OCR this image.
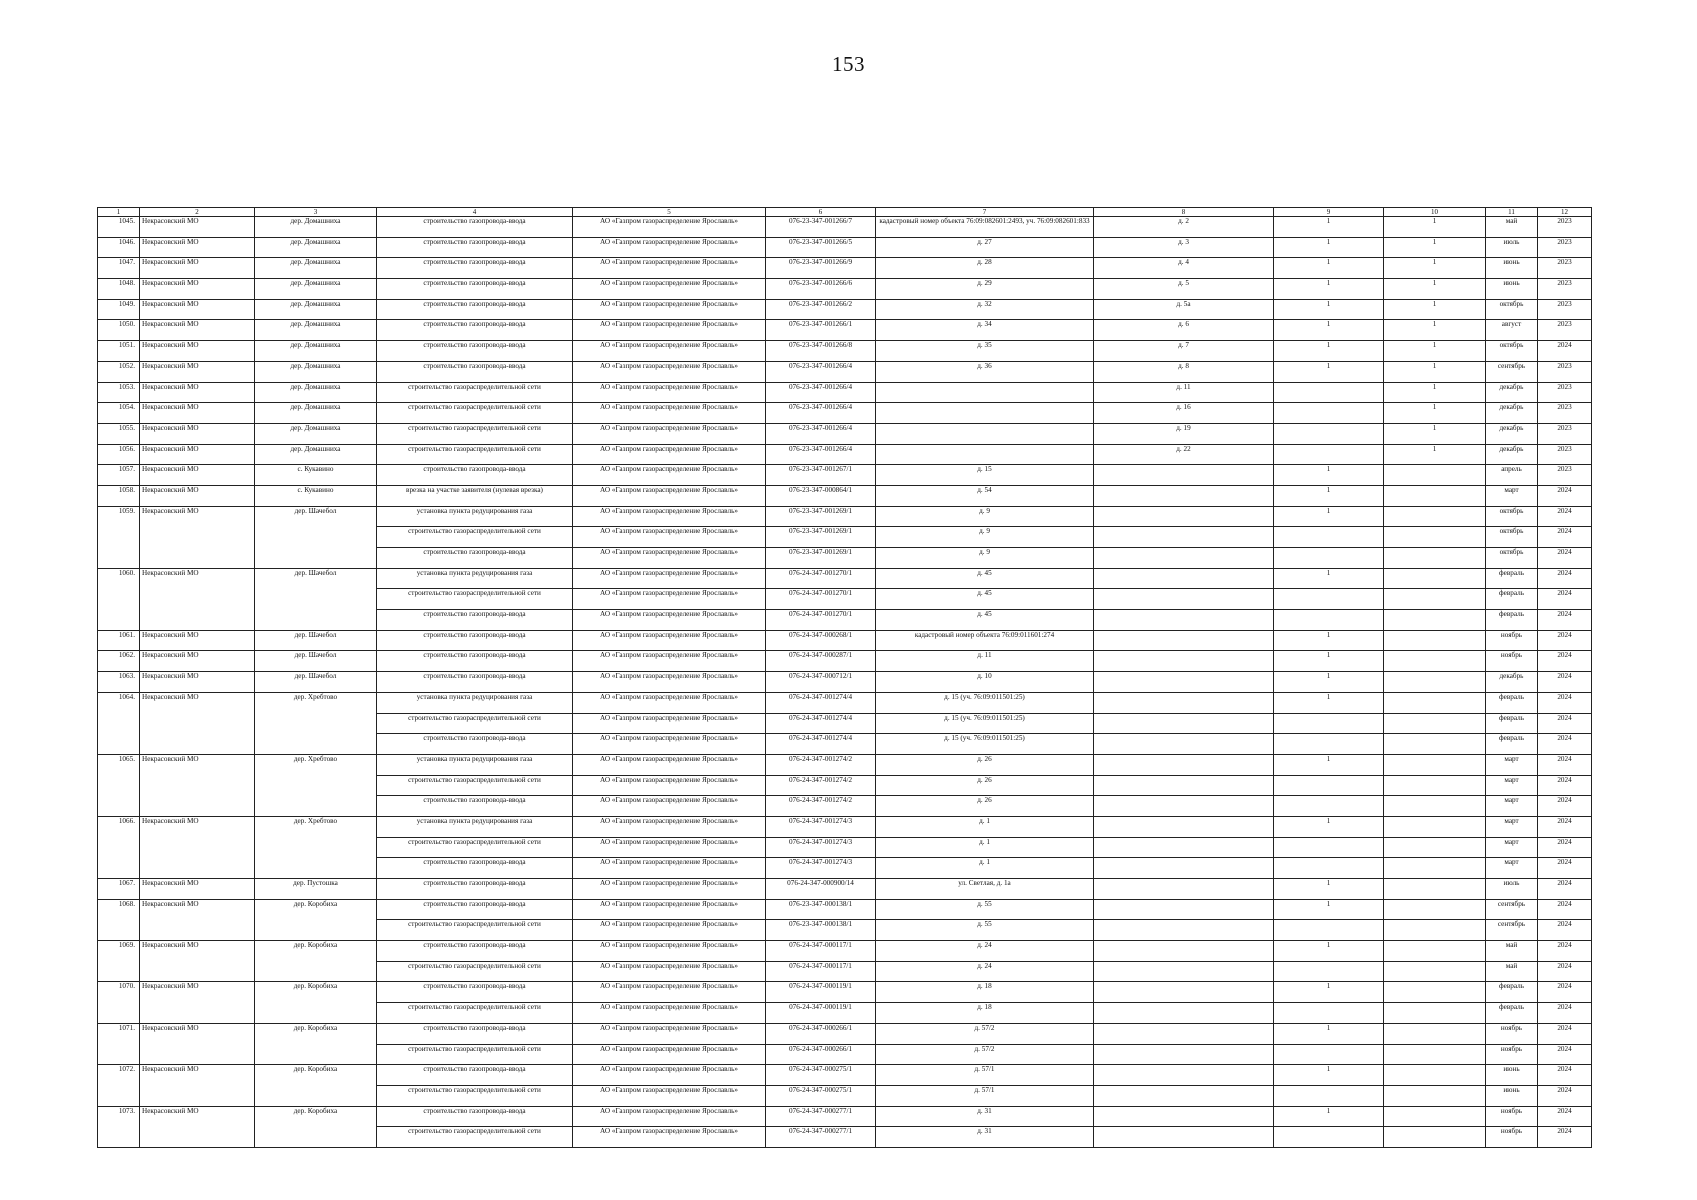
153
1	2	3	4	5	6	7	8	9	10	11	12
1045.	Некрасовский МО	дер. Домашниха	строительство газопровода-ввода	АО «Газпром газораспределение Ярославль»	076-23-347-001266/7	кадастровый номер объекта 76:09:082601:2493, уч. 76:09:082601:833	д. 2	1	1	май	2023
1046.	Некрасовский МО	дер. Домашниха	строительство газопровода-ввода	АО «Газпром газораспределение Ярославль»	076-23-347-001266/5	д. 27	д. 3	1	1	июль	2023
1047.	Некрасовский МО	дер. Домашниха	строительство газопровода-ввода	АО «Газпром газораспределение Ярославль»	076-23-347-001266/9	д. 28	д. 4	1	1	июнь	2023
1048.	Некрасовский МО	дер. Домашниха	строительство газопровода-ввода	АО «Газпром газораспределение Ярославль»	076-23-347-001266/6	д. 29	д. 5	1	1	июнь	2023
1049.	Некрасовский МО	дер. Домашниха	строительство газопровода-ввода	АО «Газпром газораспределение Ярославль»	076-23-347-001266/2	д. 32	д. 5а	1	1	октябрь	2023
1050.	Некрасовский МО	дер. Домашниха	строительство газопровода-ввода	АО «Газпром газораспределение Ярославль»	076-23-347-001266/1	д. 34	д. 6	1	1	август	2023
1051.	Некрасовский МО	дер. Домашниха	строительство газопровода-ввода	АО «Газпром газораспределение Ярославль»	076-23-347-001266/8	д. 35	д. 7	1	1	октябрь	2024
1052.	Некрасовский МО	дер. Домашниха	строительство газопровода-ввода	АО «Газпром газораспределение Ярославль»	076-23-347-001266/4	д. 36	д. 8	1	1	сентябрь	2023
1053.	Некрасовский МО	дер. Домашниха	строительство газораспределительной сети	АО «Газпром газораспределение Ярославль»	076-23-347-001266/4		д. 11		1	декабрь	2023
1054.	Некрасовский МО	дер. Домашниха	строительство газораспределительной сети	АО «Газпром газораспределение Ярославль»	076-23-347-001266/4		д. 16		1	декабрь	2023
1055.	Некрасовский МО	дер. Домашниха	строительство газораспределительной сети	АО «Газпром газораспределение Ярославль»	076-23-347-001266/4		д. 19		1	декабрь	2023
1056.	Некрасовский МО	дер. Домашниха	строительство газораспределительной сети	АО «Газпром газораспределение Ярославль»	076-23-347-001266/4		д. 22		1	декабрь	2023
1057.	Некрасовский МО	с. Кукавино	строительство газопровода-ввода	АО «Газпром газораспределение Ярославль»	076-23-347-001267/1	д. 15		1		апрель	2023
1058.	Некрасовский МО	с. Кукавино	врезка на участке заявителя (нулевая врезка)	АО «Газпром газораспределение Ярославль»	076-23-347-000864/1	д. 54		1		март	2024
1059.	Некрасовский МО	дер. Шачебол	установка пункта редуцирования газа	АО «Газпром газораспределение Ярославль»	076-23-347-001269/1	д. 9		1		октябрь	2024
			строительство газораспределительной сети	АО «Газпром газораспределение Ярославль»	076-23-347-001269/1	д. 9				октябрь	2024
			строительство газопровода-ввода	АО «Газпром газораспределение Ярославль»	076-23-347-001269/1	д. 9				октябрь	2024
1060.	Некрасовский МО	дер. Шачебол	установка пункта редуцирования газа	АО «Газпром газораспределение Ярославль»	076-24-347-001270/1	д. 45		1		февраль	2024
			строительство газораспределительной сети	АО «Газпром газораспределение Ярославль»	076-24-347-001270/1	д. 45				февраль	2024
			строительство газопровода-ввода	АО «Газпром газораспределение Ярославль»	076-24-347-001270/1	д. 45				февраль	2024
1061.	Некрасовский МО	дер. Шачебол	строительство газопровода-ввода	АО «Газпром газораспределение Ярославль»	076-24-347-000268/1	кадастровый номер объекта 76:09:011601:274		1		ноябрь	2024
1062.	Некрасовский МО	дер. Шачебол	строительство газопровода-ввода	АО «Газпром газораспределение Ярославль»	076-24-347-000287/1	д. 11		1		ноябрь	2024
1063.	Некрасовский МО	дер. Шачебол	строительство газопровода-ввода	АО «Газпром газораспределение Ярославль»	076-24-347-000712/1	д. 10		1		декабрь	2024
1064.	Некрасовский МО	дер. Хребтово	установка пункта редуцирования газа	АО «Газпром газораспределение Ярославль»	076-24-347-001274/4	д. 15 (уч. 76:09:011501:25)		1		февраль	2024
			строительство газораспределительной сети	АО «Газпром газораспределение Ярославль»	076-24-347-001274/4	д. 15 (уч. 76:09:011501:25)				февраль	2024
			строительство газопровода-ввода	АО «Газпром газораспределение Ярославль»	076-24-347-001274/4	д. 15 (уч. 76:09:011501:25)				февраль	2024
1065.	Некрасовский МО	дер. Хребтово	установка пункта редуцирования газа	АО «Газпром газораспределение Ярославль»	076-24-347-001274/2	д. 26		1		март	2024
			строительство газораспределительной сети	АО «Газпром газораспределение Ярославль»	076-24-347-001274/2	д. 26				март	2024
			строительство газопровода-ввода	АО «Газпром газораспределение Ярославль»	076-24-347-001274/2	д. 26				март	2024
1066.	Некрасовский МО	дер. Хребтово	установка пункта редуцирования газа	АО «Газпром газораспределение Ярославль»	076-24-347-001274/3	д. 1		1		март	2024
			строительство газораспределительной сети	АО «Газпром газораспределение Ярославль»	076-24-347-001274/3	д. 1				март	2024
			строительство газопровода-ввода	АО «Газпром газораспределение Ярославль»	076-24-347-001274/3	д. 1				март	2024
1067.	Некрасовский МО	дер. Пустошка	строительство газопровода-ввода	АО «Газпром газораспределение Ярославль»	076-24-347-000900/14	ул. Светлая, д. 1а		1		июль	2024
1068.	Некрасовский МО	дер. Коробиха	строительство газопровода-ввода	АО «Газпром газораспределение Ярославль»	076-23-347-000138/1	д. 55		1		сентябрь	2024
			строительство газораспределительной сети	АО «Газпром газораспределение Ярославль»	076-23-347-000138/1	д. 55				сентябрь	2024
1069.	Некрасовский МО	дер. Коробиха	строительство газопровода-ввода	АО «Газпром газораспределение Ярославль»	076-24-347-000117/1	д. 24		1		май	2024
			строительство газораспределительной сети	АО «Газпром газораспределение Ярославль»	076-24-347-000117/1	д. 24				май	2024
1070.	Некрасовский МО	дер. Коробиха	строительство газопровода-ввода	АО «Газпром газораспределение Ярославль»	076-24-347-000119/1	д. 18		1		февраль	2024
			строительство газораспределительной сети	АО «Газпром газораспределение Ярославль»	076-24-347-000119/1	д. 18				февраль	2024
1071.	Некрасовский МО	дер. Коробиха	строительство газопровода-ввода	АО «Газпром газораспределение Ярославль»	076-24-347-000266/1	д. 57/2		1		ноябрь	2024
			строительство газораспределительной сети	АО «Газпром газораспределение Ярославль»	076-24-347-000266/1	д. 57/2				ноябрь	2024
1072.	Некрасовский МО	дер. Коробиха	строительство газопровода-ввода	АО «Газпром газораспределение Ярославль»	076-24-347-000275/1	д. 57/1		1		июнь	2024
			строительство газораспределительной сети	АО «Газпром газораспределение Ярославль»	076-24-347-000275/1	д. 57/1				июнь	2024
1073.	Некрасовский МО	дер. Коробиха	строительство газопровода-ввода	АО «Газпром газораспределение Ярославль»	076-24-347-000277/1	д. 31		1		ноябрь	2024
			строительство газораспределительной сети	АО «Газпром газораспределение Ярославль»	076-24-347-000277/1	д. 31				ноябрь	2024
